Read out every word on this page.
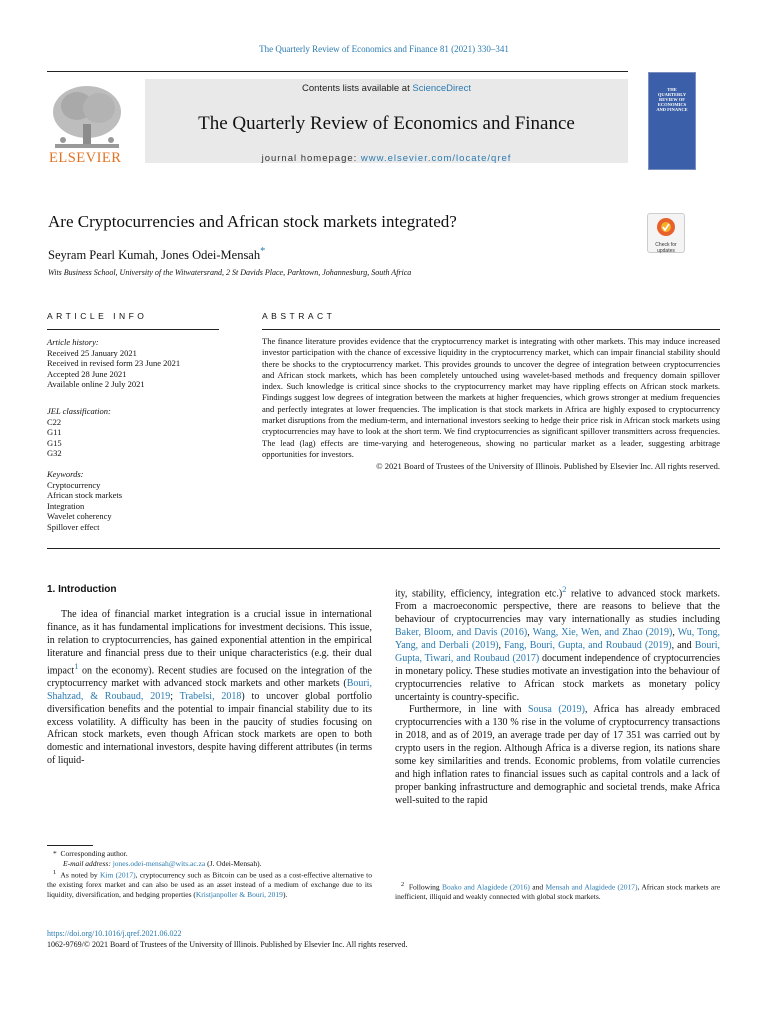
The Quarterly Review of Economics and Finance 81 (2021) 330–341
ELSEVIER
Contents lists available at ScienceDirect
The Quarterly Review of Economics and Finance
journal homepage: www.elsevier.com/locate/qref
THE QUARTERLY REVIEW OF ECONOMICS AND FINANCE
Are Cryptocurrencies and African stock markets integrated?
Check for updates
Seyram Pearl Kumah, Jones Odei-Mensah*
Wits Business School, University of the Witwatersrand, 2 St Davids Place, Parktown, Johannesburg, South Africa
ARTICLE INFO	ABSTRACT
Article history:
Received 25 January 2021
Received in revised form 23 June 2021
Accepted 28 June 2021
Available online 2 July 2021
JEL classification:
C22
G11
G15
G32
Keywords:
Cryptocurrency
African stock markets
Integration
Wavelet coherency
Spillover effect
The finance literature provides evidence that the cryptocurrency market is integrating with other markets. This may induce increased investor participation with the chance of excessive liquidity in the cryptocurrency market, which can impair financial stability should there be shocks to the cryptocurrency market. This provides grounds to uncover the degree of integration between cryptocurrencies and African stock markets, which has been completely untouched using wavelet-based methods and frequency domain spillover index. Such knowledge is critical since shocks to the cryptocurrency market may have rippling effects on African stock markets. Findings suggest low degrees of integration between the markets at higher frequencies, which grows stronger at medium frequencies and perfectly integrates at lower frequencies. The implication is that stock markets in Africa are highly exposed to cryptocurrency market disruptions from the medium-term, and international investors seeking to hedge their price risk in African stock markets using cryptocurrencies may have to look at the short term. We find cryptocurrencies as significant spillover transmitters across frequencies. The lead (lag) effects are time-varying and heterogeneous, showing no particular market as a leader, suggesting arbitrage opportunities for investors.
© 2021 Board of Trustees of the University of Illinois. Published by Elsevier Inc. All rights reserved.
1. Introduction

The idea of financial market integration is a crucial issue in international finance, as it has fundamental implications for investment decisions. This issue, in relation to cryptocurrencies, has gained exponential attention in the empirical literature and financial press due to their unique characteristics (e.g. their dual impact$^1$ on the economy). Recent studies are focused on the integration of the cryptocurrency market with advanced stock markets and other markets (Bouri, Shahzad, & Roubaud, 2019; Trabelsi, 2018) to uncover global portfolio diversification benefits and the potential to impair financial stability due to its excess volatility. A difficulty has been in the paucity of studies focusing on African stock markets, even though African stock markets are open to both domestic and international investors, despite having different attributes (in terms of liquid-

ity, stability, efficiency, integration etc.)$^2$ relative to advanced stock markets. From a macroeconomic perspective, there are reasons to believe that the behaviour of cryptocurrencies may vary internationally as studies including Baker, Bloom, and Davis (2016), Wang, Xie, Wen, and Zhao (2019), Wu, Tong, Yang, and Derbali (2019), Fang, Bouri, Gupta, and Roubaud (2019), and Bouri, Gupta, Tiwari, and Roubaud (2017) document independence of cryptocurrencies in monetary policy. These studies motivate an investigation into the behaviour of cryptocurrencies relative to African stock markets as monetary policy uncertainty is country-specific.

Furthermore, in line with Sousa (2019), Africa has already embraced cryptocurrencies with a 130 % rise in the volume of cryptocurrency transactions in 2018, and as of 2019, an average trade per day of 17 351 was carried out by crypto users in the region. Although Africa is a diverse region, its nations share some key similarities and trends. Economic problems, from volatile currencies and high inflation rates to financial issues such as capital controls and a lack of proper banking infrastructure and demographic and societal trends, make Africa well-suited to the rapid

* Corresponding author.
E-mail address: jones.odei-mensah@wits.ac.za (J. Odei-Mensah).
$^1$ As noted by Kim (2017), cryptocurrency such as Bitcoin can be used as a cost-effective alternative to the existing forex market and can also be used as an asset instead of a medium of exchange due to its liquidity, diversification, and hedging properties (Kristjanpoller & Bouri, 2019).
$^2$ Following Boako and Alagidede (2016) and Mensah and Alagidede (2017), African stock markets are inefficient, illiquid and weakly connected with global stock markets.
https://doi.org/10.1016/j.qref.2021.06.022
1062-9769/© 2021 Board of Trustees of the University of Illinois. Published by Elsevier Inc. All rights reserved.
